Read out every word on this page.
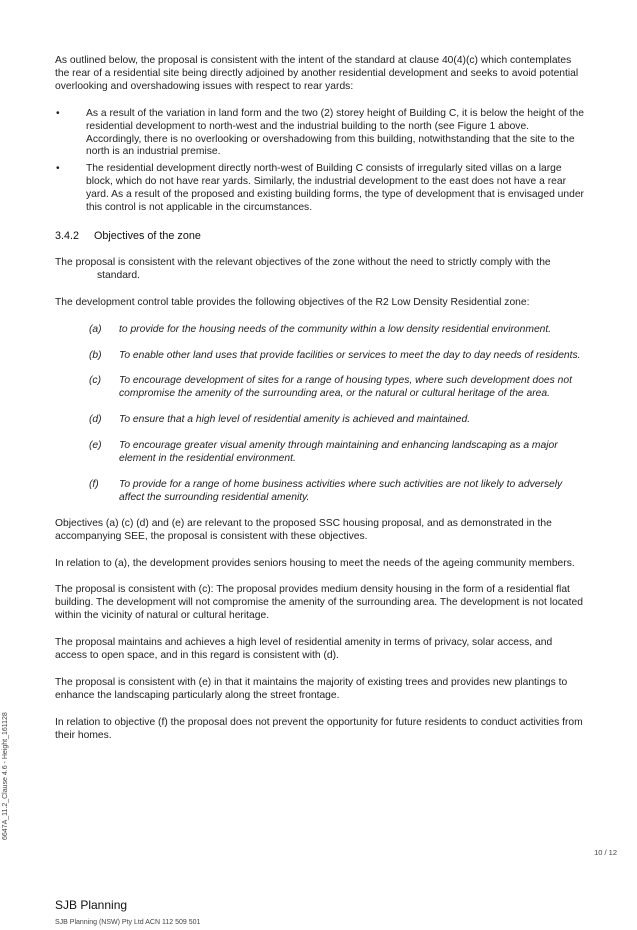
As outlined below, the proposal is consistent with the intent of the standard at clause 40(4)(c) which contemplates the rear of a residential site being directly adjoined by another residential development and seeks to avoid potential overlooking and overshadowing issues with respect to rear yards:

•	As a result of the variation in land form and the two (2) storey height of Building C, it is below the height of the residential development to north-west and the industrial building to the north (see Figure 1 above. Accordingly, there is no overlooking or overshadowing from this building, notwithstanding that the site to the north is an industrial premise.
•	The residential development directly north-west of Building C consists of irregularly sited villas on a large block, which do not have rear yards. Similarly, the industrial development to the east does not have a rear yard. As a result of the proposed and existing building forms, the type of development that is envisaged under this control is not applicable in the circumstances.
3.4.2 Objectives of the zone

The proposal is consistent with the relevant objectives of the zone without the need to strictly comply with the standard.

The development control table provides the following objectives of the R2 Low Density Residential zone:

(a) to provide for the housing needs of the community within a low density residential environment.
(b) To enable other land uses that provide facilities or services to meet the day to day needs of residents.
(c) To encourage development of sites for a range of housing types, where such development does not compromise the amenity of the surrounding area, or the natural or cultural heritage of the area.
(d) To ensure that a high level of residential amenity is achieved and maintained.
(e) To encourage greater visual amenity through maintaining and enhancing landscaping as a major element in the residential environment.
(f) To provide for a range of home business activities where such activities are not likely to adversely affect the surrounding residential amenity.

Objectives (a) (c) (d) and (e) are relevant to the proposed SSC housing proposal, and as demonstrated in the accompanying SEE, the proposal is consistent with these objectives.

In relation to (a), the development provides seniors housing to meet the needs of the ageing community members.

The proposal is consistent with (c): The proposal provides medium density housing in the form of a residential flat building. The development will not compromise the amenity of the surrounding area. The development is not located within the vicinity of natural or cultural heritage.

The proposal maintains and achieves a high level of residential amenity in terms of privacy, solar access, and access to open space, and in this regard is consistent with (d).

The proposal is consistent with (e) in that it maintains the majority of existing trees and provides new plantings to enhance the landscaping particularly along the street frontage.

In relation to objective (f) the proposal does not prevent the opportunity for future residents to conduct activities from their homes.

6647A_11.2_Clause 4.6 - Height_161128
10 / 12
SJB Planning
SJB Planning (NSW) Pty Ltd ACN 112 509 501
